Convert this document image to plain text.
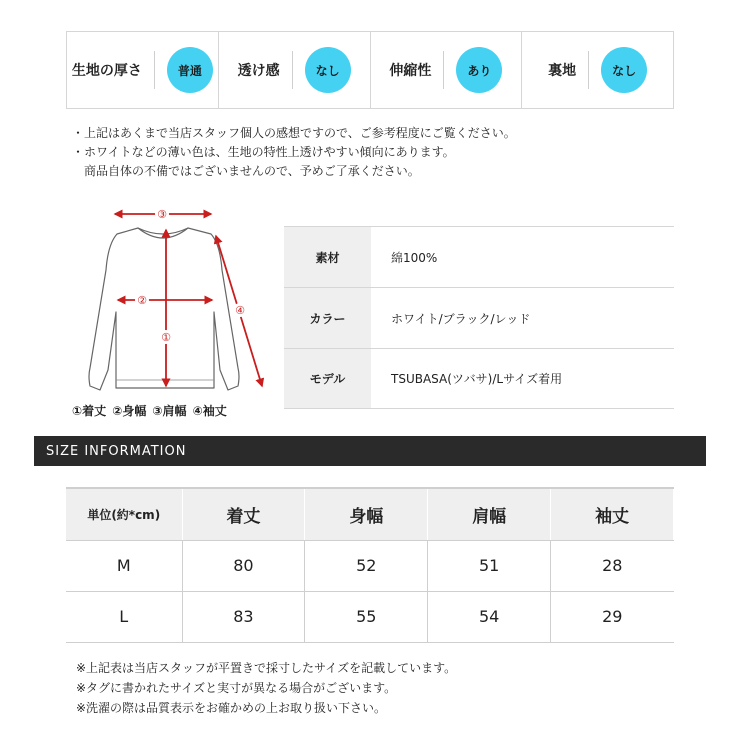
生地の厚さ	普通	透け感	なし	伸縮性	あり	裏地	なし
・上記はあくまで当店スタッフ個人の感想ですので、ご参考程度にご覧ください。
・ホワイトなどの薄い色は、生地の特性上透けやすい傾向にあります。
　商品自体の不備ではございませんので、予めご了承ください。
③
②
①
④
①着丈 ②身幅 ③肩幅 ④袖丈
素材	綿100%
カラー	ホワイト/ブラック/レッド
モデル	TSUBASA(ツバサ)/Lサイズ着用
SIZE INFORMATION
単位(約*cm)	着丈	身幅	肩幅	袖丈
M	80	52	51	28
L	83	55	54	29
※上記表は当店スタッフが平置きで採寸したサイズを記載しています。
※タグに書かれたサイズと実寸が異なる場合がございます。
※洗濯の際は品質表示をお確かめの上お取り扱い下さい。
